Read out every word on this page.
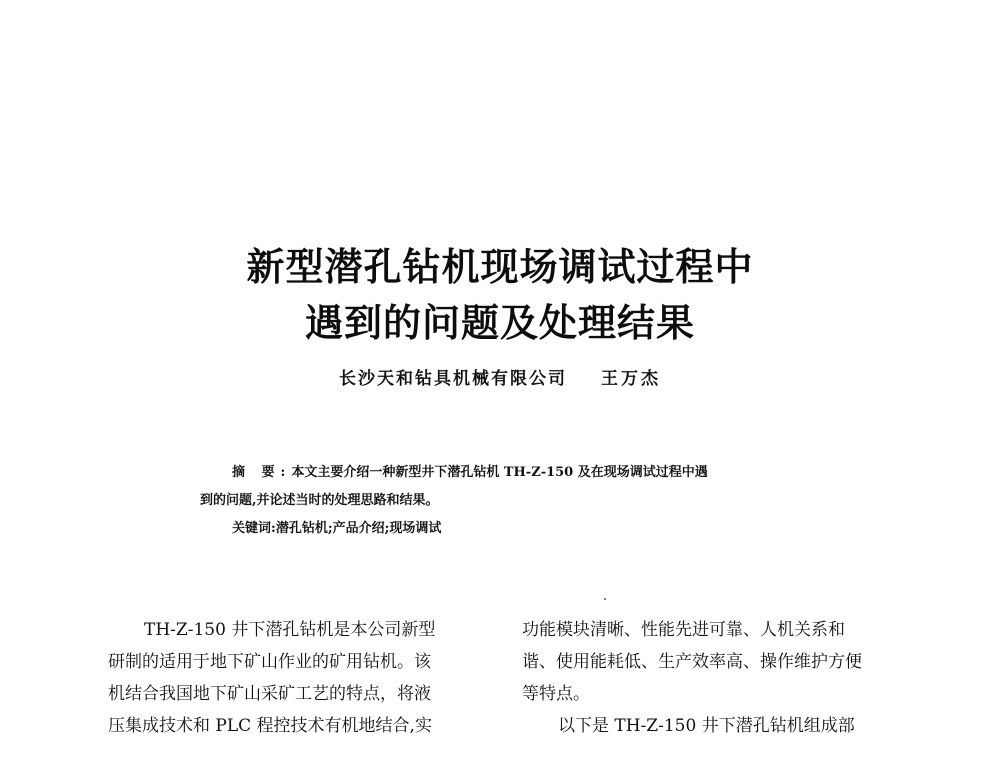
新型潜孔钻机现场调试过程中
遇到的问题及处理结果
长沙天和钻具机械有限公司 王万杰
摘 要:本文主要介绍一种新型井下潜孔钻机 TH-Z-150 及在现场调试过程中遇
到的问题,并论述当时的处理思路和结果。
关键词:潜孔钻机;产品介绍;现场调试
TH-Z-150 井下潜孔钻机是本公司新型
研制的适用于地下矿山作业的矿用钻机。该
机结合我国地下矿山采矿工艺的特点，将液
压集成技术和 PLC 程控技术有机地结合,实
功能模块清晰、性能先进可靠、人机关系和
谐、使用能耗低、生产效率高、操作维护方便
等特点。
以下是 TH-Z-150 井下潜孔钻机组成部
